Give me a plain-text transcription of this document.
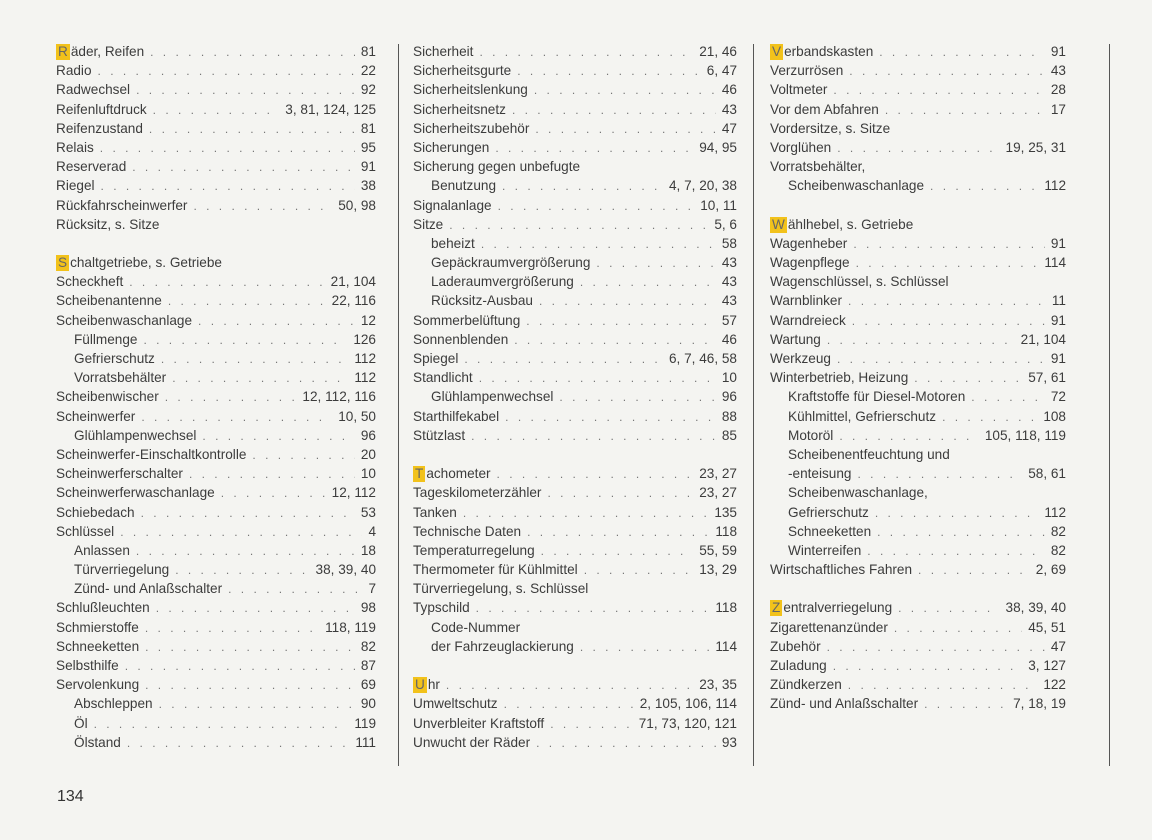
R äder, Reifen . . .	81
Radio . . .	22
Radwechsel . . .	92
Reifenluftdruck . . .	3, 81, 124, 125
Reifenzustand . . .	81
Relais . . .	95
Reserverad . . .	91
Riegel . . .	38
Rückfahrscheinwerfer . . .	50, 98
Rücksitz, s. Sitze
S chaltgetriebe, s. Getriebe
Scheckheft . . .	21, 104
Scheibenantenne . . .	22, 116
Scheibenwaschanlage . . .	12
Füllmenge . . .	126
Gefrierschutz . . .	112
Vorratsbehälter . . .	112
Scheibenwischer . . .	12, 112, 116
Scheinwerfer . . .	10, 50
Glühlampenwechsel . . .	96
Scheinwerfer-Einschaltkontrolle . . .	20
Scheinwerferschalter . . .	10
Scheinwerferwaschanlage . . .	12, 112
Schiebedach . . .	53
Schlüssel . . .	4
Anlassen . . .	18
Türverriegelung . . .	38, 39, 40
Zünd- und Anlaßschalter . . .	7
Schlußleuchten . . .	98
Schmierstoffe . . .	118, 119
Schneeketten . . .	82
Selbsthilfe . . .	87
Servolenkung . . .	69
Abschleppen . . .	90
Öl . . .	119
Ölstand . . .	111
Sicherheit . . .	21, 46
Sicherheitsgurte . . .	6, 47
Sicherheitslenkung . . .	46
Sicherheitsnetz . . .	43
Sicherheitszubehör . . .	47
Sicherungen . . .	94, 95
Sicherung gegen unbefugte
Benutzung . . .	4, 7, 20, 38
Signalanlage . . .	10, 11
Sitze . . .	5, 6
beheizt . . .	58
Gepäckraumvergrößerung . . .	43
Laderaumvergrößerung . . .	43
Rücksitz-Ausbau . . .	43
Sommerbelüftung . . .	57
Sonnenblenden . . .	46
Spiegel . . .	6, 7, 46, 58
Standlicht . . .	10
Glühlampenwechsel . . .	96
Starthilfekabel . . .	88
Stützlast . . .	85
T achometer . . .	23, 27
Tageskilometerzähler . . .	23, 27
Tanken . . .	135
Technische Daten . . .	118
Temperaturregelung . . .	55, 59
Thermometer für Kühlmittel . . .	13, 29
Türverriegelung, s. Schlüssel
Typschild . . .	118
Code-Nummer
der Fahrzeuglackierung . . .	114
U hr . . .	23, 35
Umweltschutz . . .	2, 105, 106, 114
Unverbleiter Kraftstoff . . .	71, 73, 120, 121
Unwucht der Räder . . .	93
V erbandskasten . . .	91
Verzurrösen . . .	43
Voltmeter . . .	28
Vor dem Abfahren . . .	17
Vordersitze, s. Sitze
Vorglühen . . .	19, 25, 31
Vorratsbehälter,
Scheibenwaschanlage . . .	112
W ählhebel, s. Getriebe
Wagenheber . . .	91
Wagenpflege . . .	114
Wagenschlüssel, s. Schlüssel
Warnblinker . . .	11
Warndreieck . . .	91
Wartung . . .	21, 104
Werkzeug . . .	91
Winterbetrieb, Heizung . . .	57, 61
Kraftstoffe für Diesel-Motoren . . .	72
Kühlmittel, Gefrierschutz . . .	108
Motoröl . . .	105, 118, 119
Scheibenentfeuchtung und
-enteisung . . .	58, 61
Scheibenwaschanlage,
Gefrierschutz . . .	112
Schneeketten . . .	82
Winterreifen . . .	82
Wirtschaftliches Fahren . . .	2, 69
Z entralverriegelung . . .	38, 39, 40
Zigarettenanzünder . . .	45, 51
Zubehör . . .	47
Zuladung . . .	3, 127
Zündkerzen . . .	122
Zünd- und Anlaßschalter . . .	7, 18, 19
134
